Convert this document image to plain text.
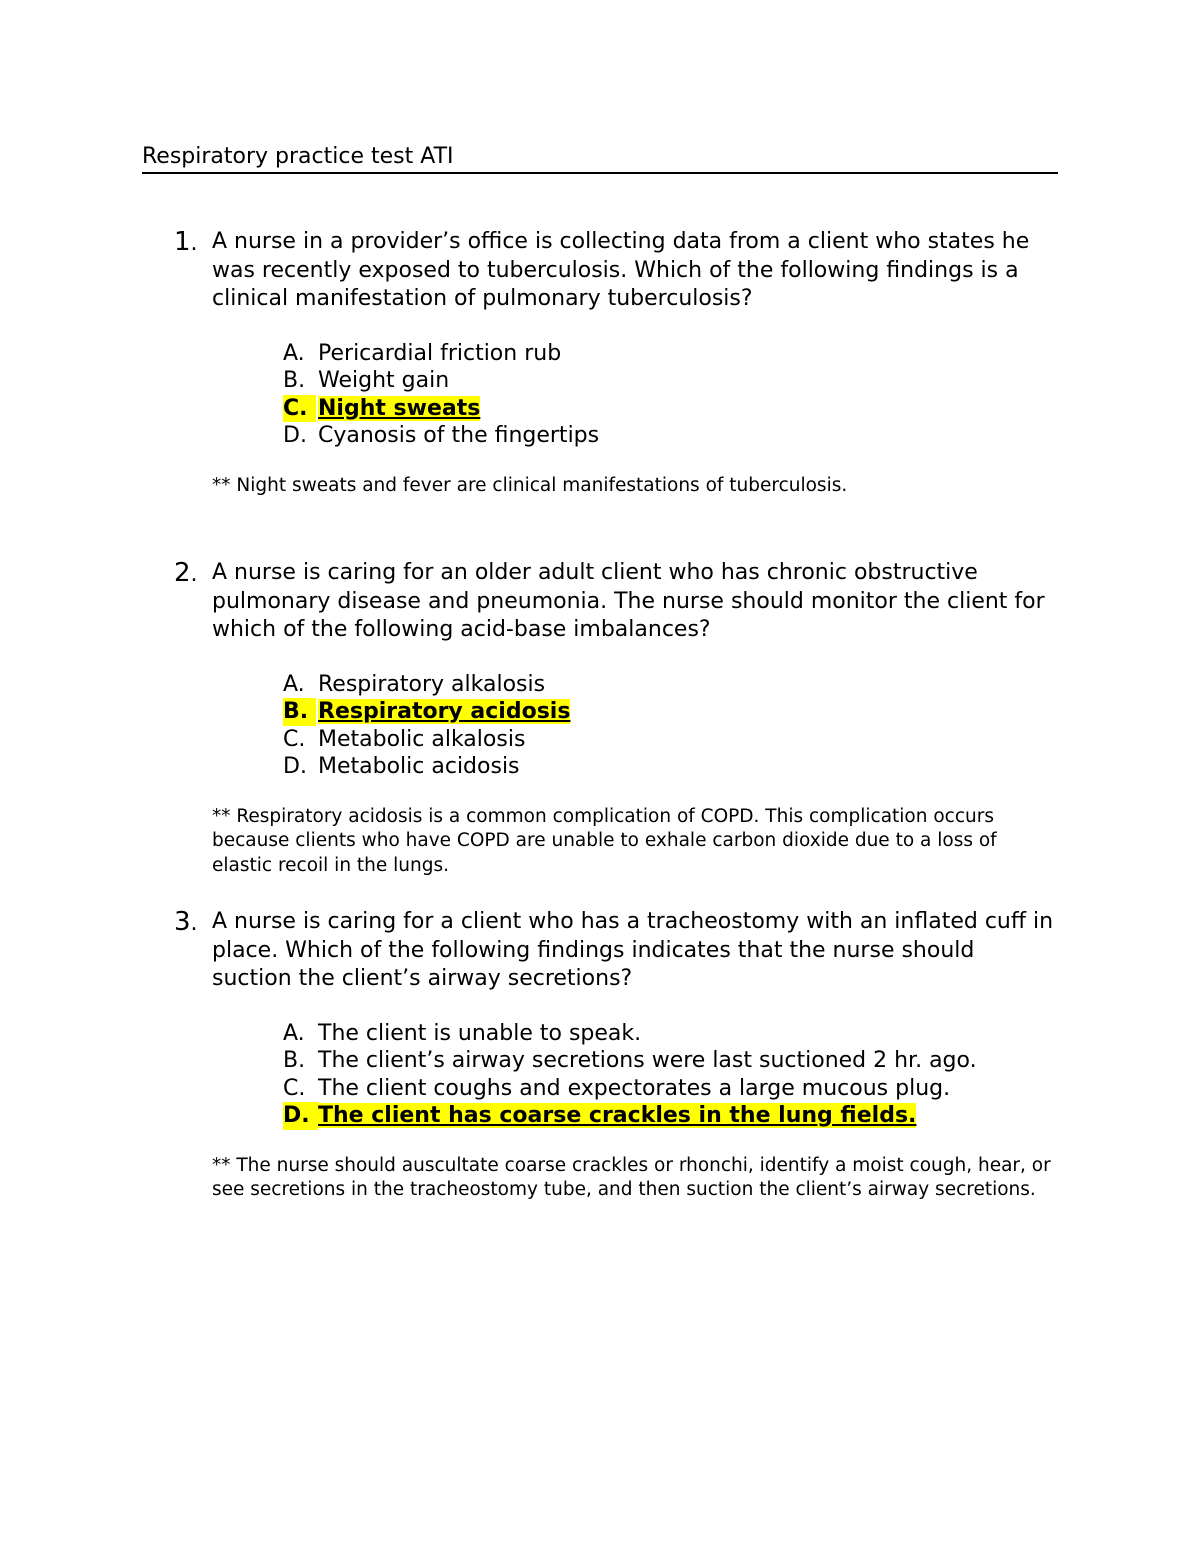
Respiratory practice test ATI
1. A nurse in a provider’s office is collecting data from a client who states he was recently exposed to tuberculosis. Which of the following findings is a clinical manifestation of pulmonary tuberculosis?
A. Pericardial friction rub
B. Weight gain
C. Night sweats
D. Cyanosis of the fingertips
** Night sweats and fever are clinical manifestations of tuberculosis.
2. A nurse is caring for an older adult client who has chronic obstructive pulmonary disease and pneumonia. The nurse should monitor the client for which of the following acid-base imbalances?
A. Respiratory alkalosis
B. Respiratory acidosis
C. Metabolic alkalosis
D. Metabolic acidosis
** Respiratory acidosis is a common complication of COPD. This complication occurs because clients who have COPD are unable to exhale carbon dioxide due to a loss of elastic recoil in the lungs.
3. A nurse is caring for a client who has a tracheostomy with an inflated cuff in place. Which of the following findings indicates that the nurse should suction the client’s airway secretions?
A. The client is unable to speak.
B. The client’s airway secretions were last suctioned 2 hr. ago.
C. The client coughs and expectorates a large mucous plug.
D. The client has coarse crackles in the lung fields.
** The nurse should auscultate coarse crackles or rhonchi, identify a moist cough, hear, or see secretions in the tracheostomy tube, and then suction the client’s airway secretions.
